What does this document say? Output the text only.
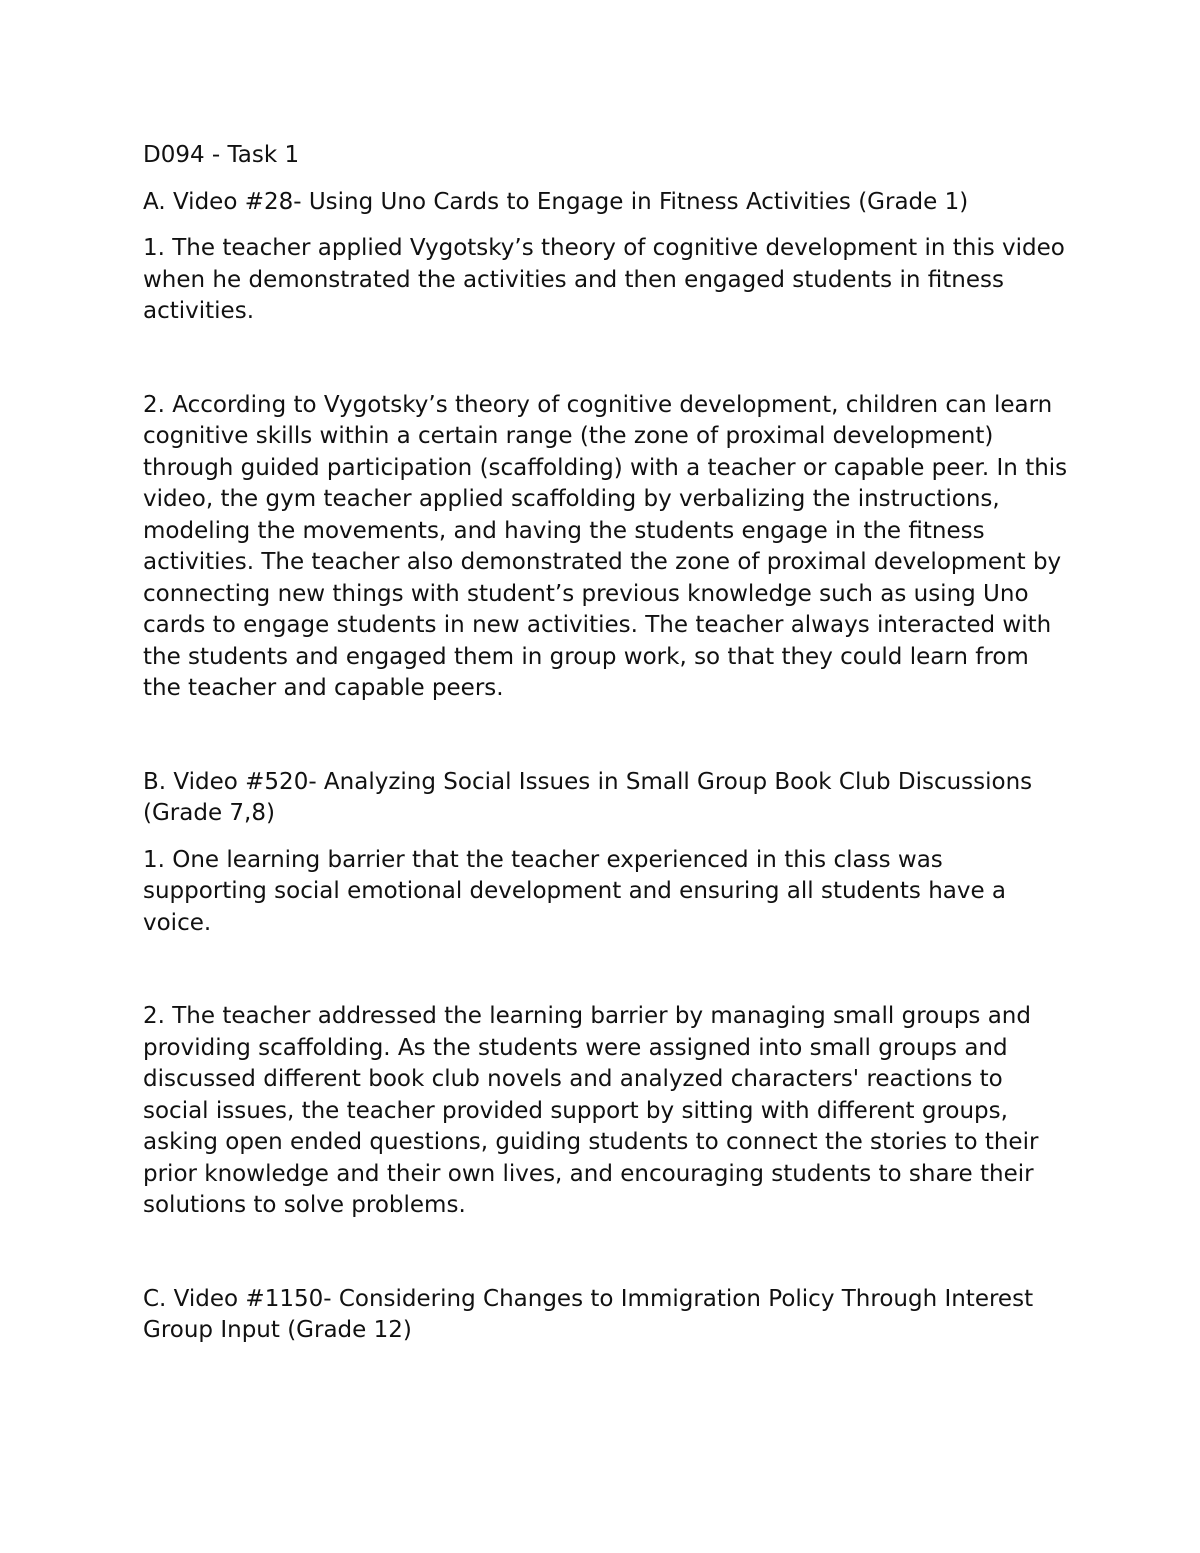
D094 - Task 1

A. Video #28- Using Uno Cards to Engage in Fitness Activities (Grade 1)

1. The teacher applied Vygotsky’s theory of cognitive development in this video when he demonstrated the activities and then engaged students in fitness activities.

2. According to Vygotsky’s theory of cognitive development, children can learn cognitive skills within a certain range (the zone of proximal development) through guided participation (scaffolding) with a teacher or capable peer. In this video, the gym teacher applied scaffolding by verbalizing the instructions, modeling the movements, and having the students engage in the fitness activities. The teacher also demonstrated the zone of proximal development by connecting new things with student’s previous knowledge such as using Uno cards to engage students in new activities. The teacher always interacted with the students and engaged them in group work, so that they could learn from the teacher and capable peers.

B. Video #520- Analyzing Social Issues in Small Group Book Club Discussions (Grade 7,8)

1. One learning barrier that the teacher experienced in this class was supporting social emotional development and ensuring all students have a voice.

2. The teacher addressed the learning barrier by managing small groups and providing scaffolding. As the students were assigned into small groups and discussed different book club novels and analyzed characters' reactions to social issues, the teacher provided support by sitting with different groups, asking open ended questions, guiding students to connect the stories to their prior knowledge and their own lives, and encouraging students to share their solutions to solve problems.

C. Video #1150- Considering Changes to Immigration Policy Through Interest Group Input (Grade 12)
